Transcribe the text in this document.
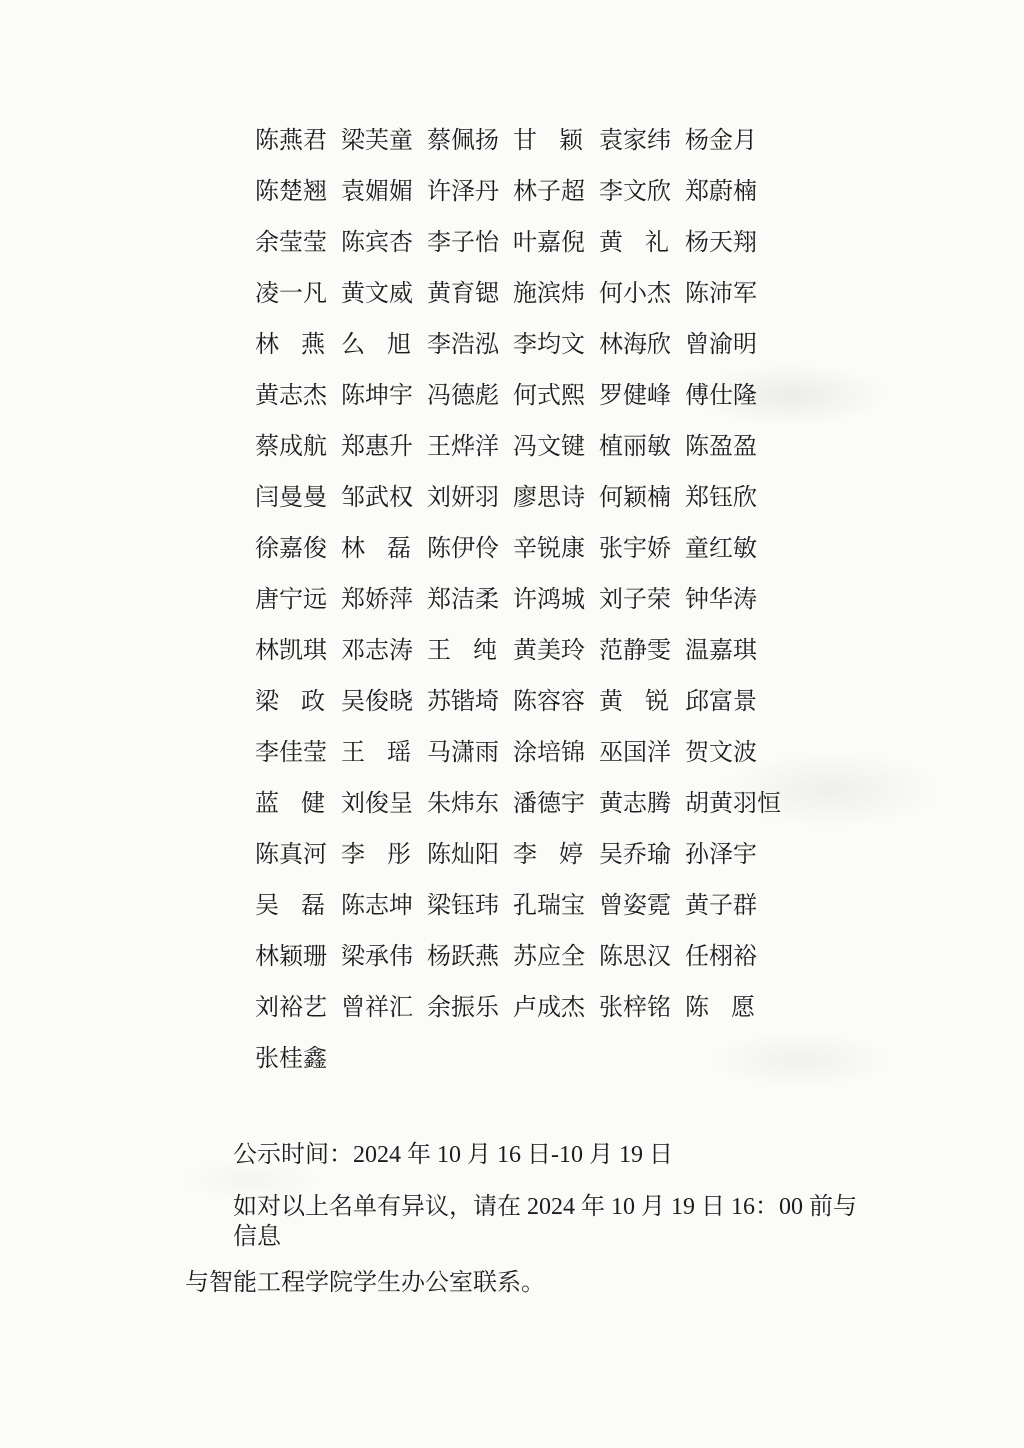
陈 燕 君 梁 芙 童 蔡 佩 扬 甘 颖 袁 家 纬 杨 金 月
陈 楚 翘 袁 媚 媚 许 泽 丹 林 子 超 李 文 欣 郑 蔚 楠
余 莹 莹 陈 宾 杏 李 子 怡 叶 嘉 倪 黄 礼 杨 天 翔
凌 一 凡 黄 文 威 黄 育 锶 施 滨 炜 何 小 杰 陈 沛 军
林 燕 么 旭 李 浩 泓 李 均 文 林 海 欣 曾 渝 明
黄 志 杰 陈 坤 宇 冯 德 彪 何 式 熙 罗 健 峰 傅 仕 隆
蔡 成 航 郑 惠 升 王 烨 洋 冯 文 键 植 丽 敏 陈 盈 盈
闫 曼 曼 邹 武 权 刘 妍 羽 廖 思 诗 何 颖 楠 郑 钰 欣
徐 嘉 俊 林 磊 陈 伊 伶 辛 锐 康 张 宇 娇 童 红 敏
唐 宁 远 郑 娇 萍 郑 洁 柔 许 鸿 城 刘 子 荣 钟 华 涛
林 凯 琪 邓 志 涛 王 纯 黄 美 玲 范 静 雯 温 嘉 琪
梁 政 吴 俊 晓 苏 锴 埼 陈 容 容 黄 锐 邱 富 景
李 佳 莹 王 瑶 马 潇 雨 涂 培 锦 巫 国 洋 贺 文 波
蓝 健 刘 俊 呈 朱 炜 东 潘 德 宇 黄 志 腾 胡 黄 羽 恒
陈 真 河 李 彤 陈 灿 阳 李 婷 吴 乔 瑜 孙 泽 宇
吴 磊 陈 志 坤 梁 钰 玮 孔 瑞 宝 曾 姿 霓 黄 子 群
林 颖 珊 梁 承 伟 杨 跃 燕 苏 应 全 陈 思 汉 任 栩 裕
刘 裕 艺 曾 祥 汇 余 振 乐 卢 成 杰 张 梓 铭 陈 愿
张 桂 鑫
公示时间：2024 年 10 月 16 日-10 月 19 日
如对以上名单有异议，请在 2024 年 10 月 19 日 16：00 前与信息
与智能工程学院学生办公室联系。
